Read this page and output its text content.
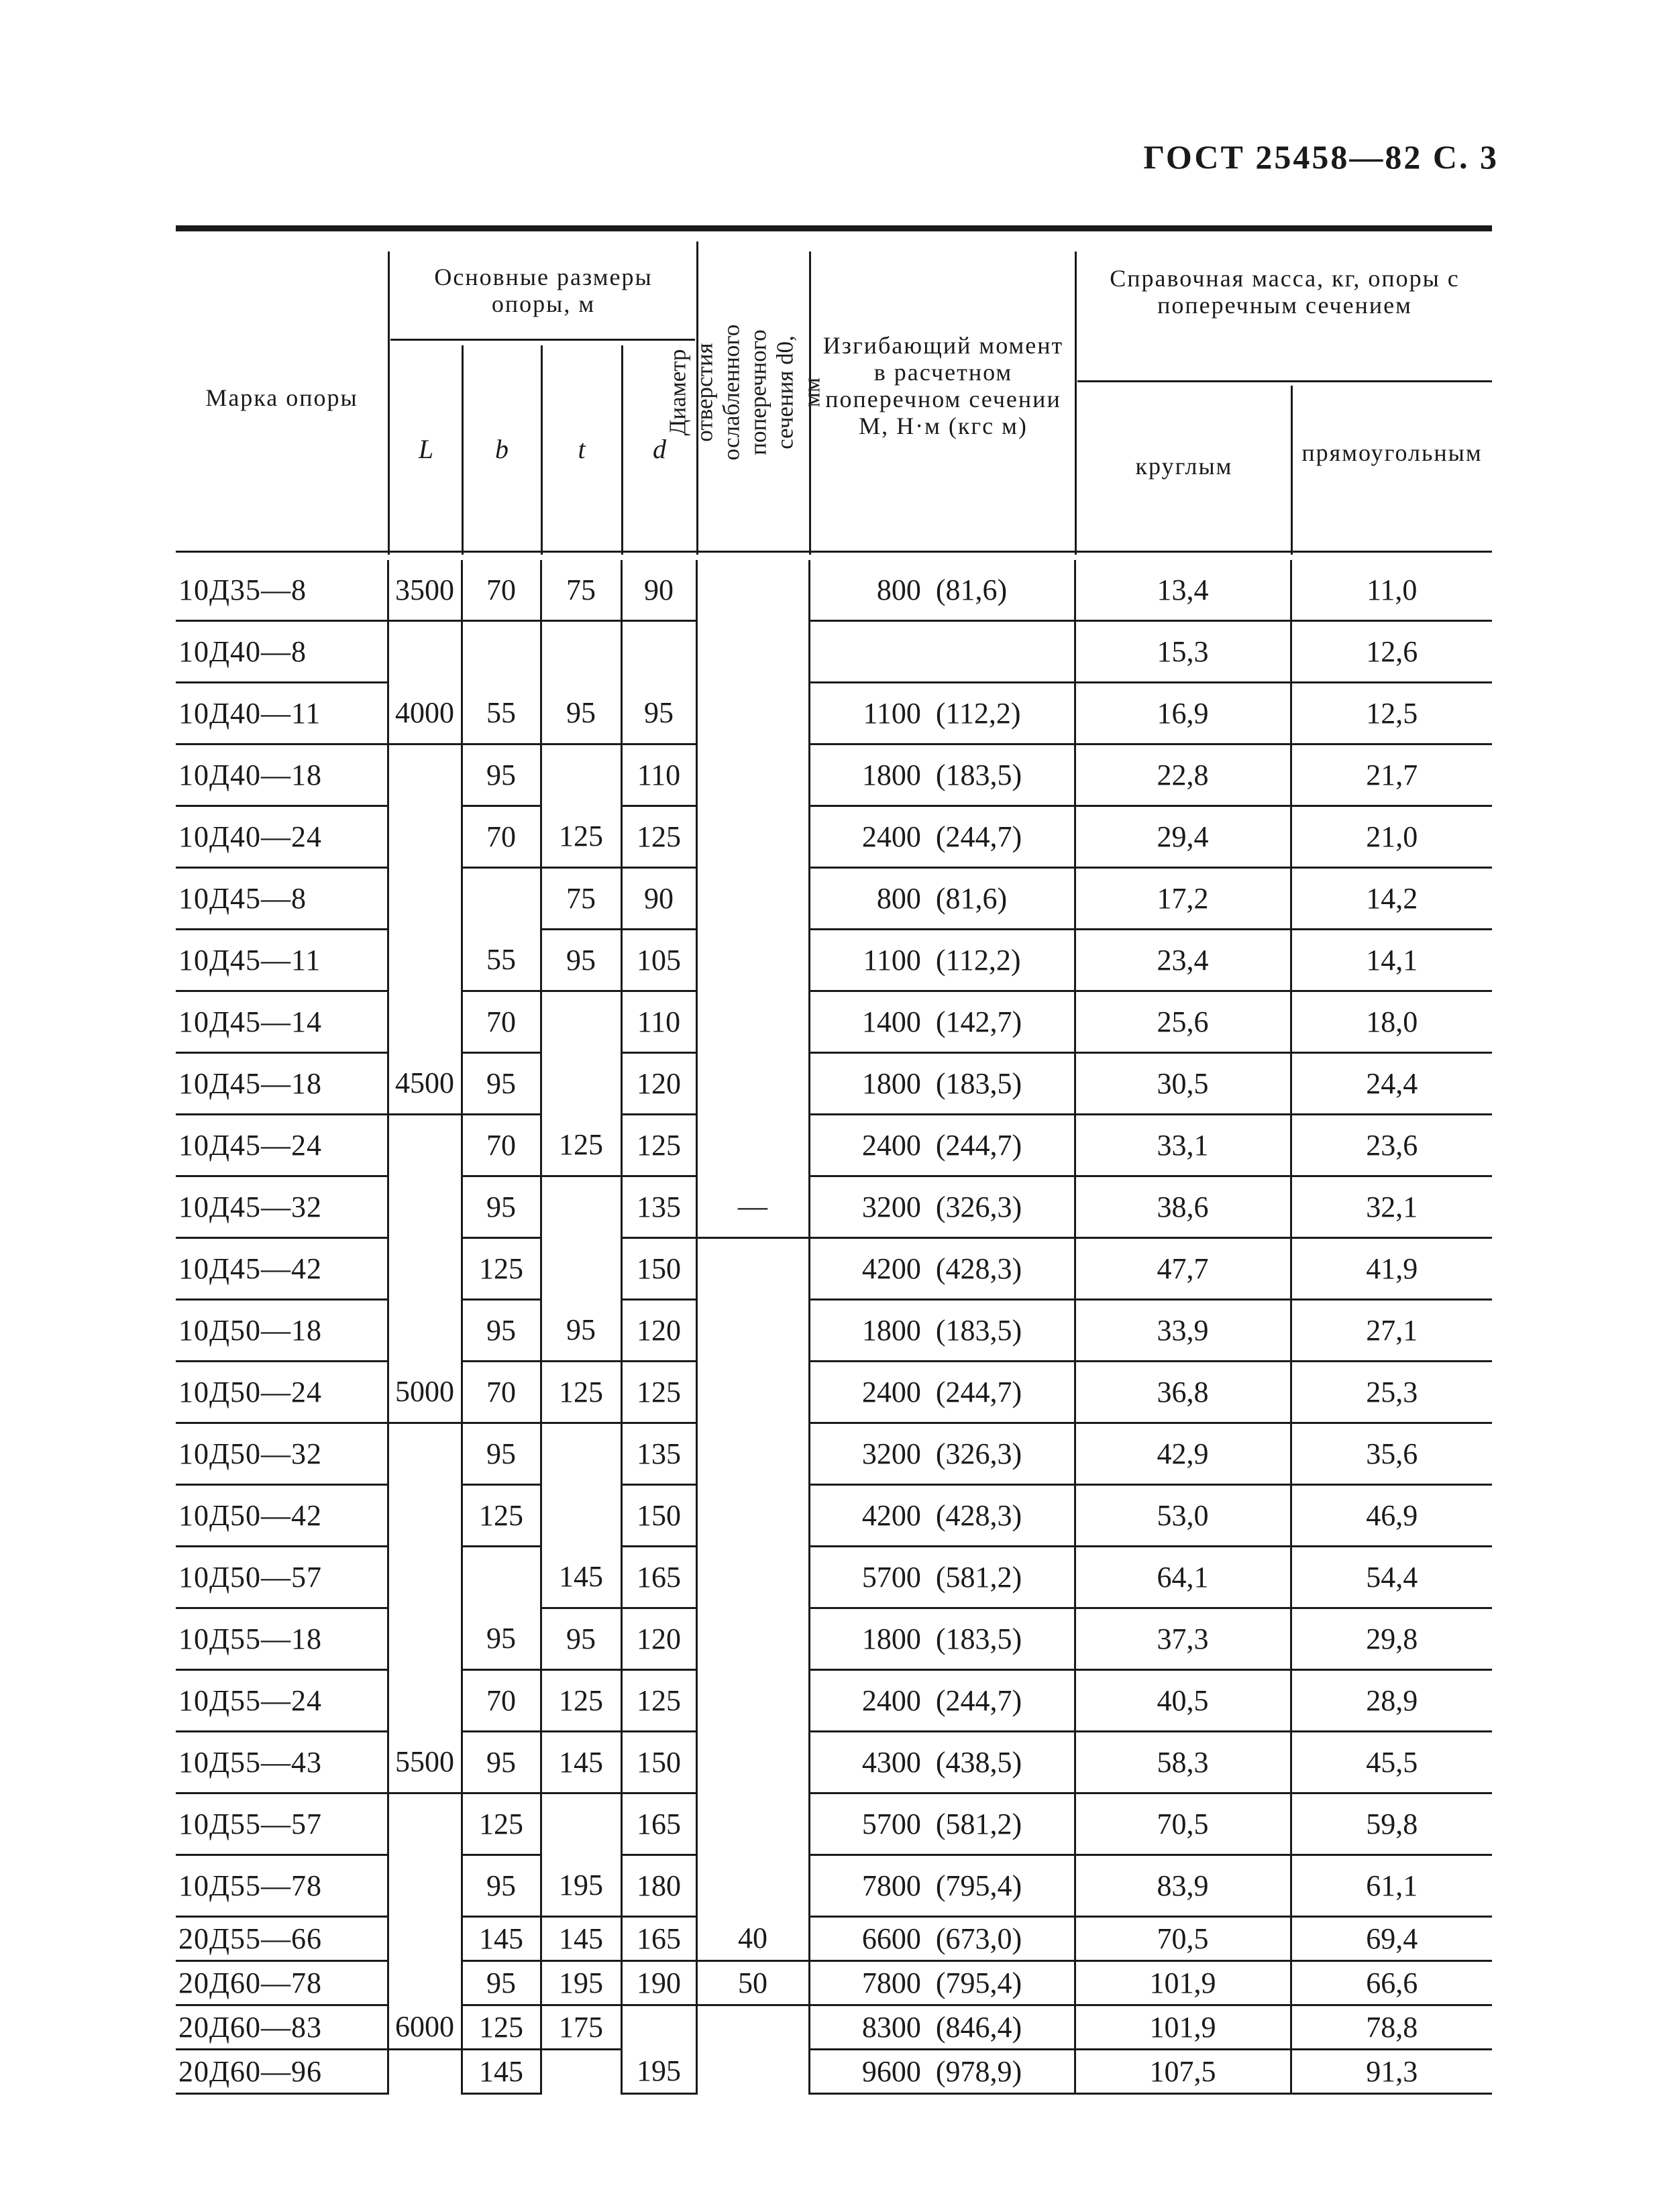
ГОСТ 25458—82 С. 3
Марка опоры
Основные размеры опоры, м
L	b	t	d
Изгибающий момент в расчетном поперечном сечении M, Н·м (кгс м)
Справочная масса, кг, опоры с поперечным сечением
круглым	прямоугольным
Диаметр отверстия ослабленного поперечного сечения d0, мм
10Д35—8	3500	70	75	90		800  (81,6)	13,4	11,0
10Д40—8							15,3	12,6
10Д40—11	4000	55	95	95		1100  (112,2)	16,9	12,5
10Д40—18		95		110		1800  (183,5)	22,8	21,7
10Д40—24		70	125	125		2400  (244,7)	29,4	21,0
10Д45—8			75	90		800  (81,6)	17,2	14,2
10Д45—11		55	95	105		1100  (112,2)	23,4	14,1
10Д45—14		70		110		1400  (142,7)	25,6	18,0
10Д45—18	4500	95		120		1800  (183,5)	30,5	24,4
10Д45—24		70	125	125		2400  (244,7)	33,1	23,6
10Д45—32		95		135	—	3200  (326,3)	38,6	32,1
10Д45—42		125		150		4200  (428,3)	47,7	41,9
10Д50—18		95	95	120		1800  (183,5)	33,9	27,1
10Д50—24	5000	70	125	125		2400  (244,7)	36,8	25,3
10Д50—32		95		135		3200  (326,3)	42,9	35,6
10Д50—42		125		150		4200  (428,3)	53,0	46,9
10Д50—57			145	165		5700  (581,2)	64,1	54,4
10Д55—18		95	95	120		1800  (183,5)	37,3	29,8
10Д55—24		70	125	125		2400  (244,7)	40,5	28,9
10Д55—43	5500	95	145	150		4300  (438,5)	58,3	45,5
10Д55—57		125		165		5700  (581,2)	70,5	59,8
10Д55—78		95	195	180		7800  (795,4)	83,9	61,1
20Д55—66		145	145	165	40	6600  (673,0)	70,5	69,4
20Д60—78		95	195	190	50	7800  (795,4)	101,9	66,6
20Д60—83	6000	125	175			8300  (846,4)	101,9	78,8
20Д60—96		145		195		9600  (978,9)	107,5	91,3
